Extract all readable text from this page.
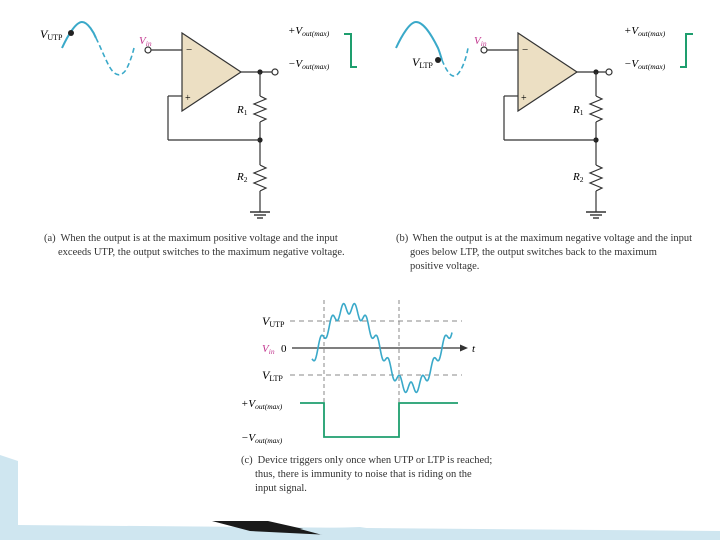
VUTP	Vin
−
+
+Vout(max)
−Vout(max)
R1
R2
Vin
VLTP
−
+
+Vout(max)
−Vout(max)
R1
R2
VUTP
Vin 0	t
VLTP
+Vout(max)
−Vout(max)
(a) When the output is at the maximum positive voltage and the input
exceeds UTP, the output switches to the maximum negative voltage.
(b) When the output is at the maximum negative voltage and the input
goes below LTP, the output switches back to the maximum
positive voltage.
(c) Device triggers only once when UTP or LTP is reached;
thus, there is immunity to noise that is riding on the
input signal.
